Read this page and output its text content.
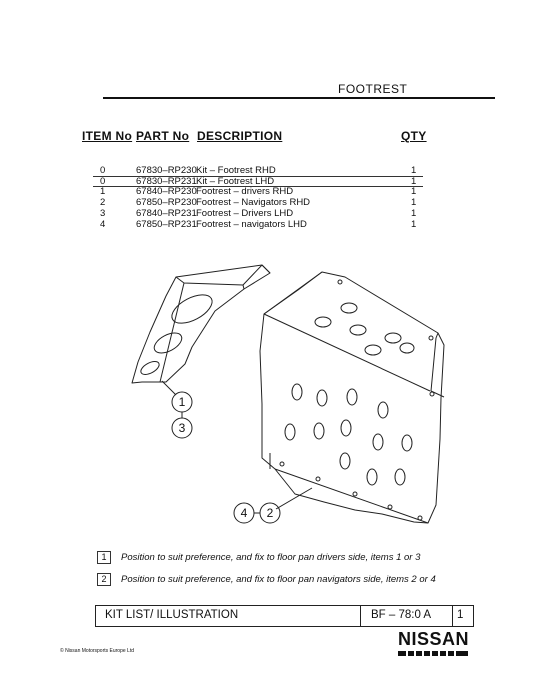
FOOTREST
ITEM No PART No DESCRIPTION	QTY
0	67830–RP230 Kit – Footrest RHD	1
0	67830–RP231 Kit – Footrest LHD	1
1	67840–RP230 Footrest – drivers RHD	1
2	67850–RP230 Footrest – Navigators RHD	1
3	67840–RP231 Footrest – Drivers LHD	1
4	67850–RP231 Footrest – navigators LHD	1
1
3
4 2
1	Position to suit preference, and fix to floor pan drivers side, items 1 or 3
2	Position to suit preference, and fix to floor pan navigators side, items 2 or 4
KIT LIST/ ILLUSTRATION	BF – 78:0 A 1
NISSAN
© Nissan Motorsports Europe Ltd
